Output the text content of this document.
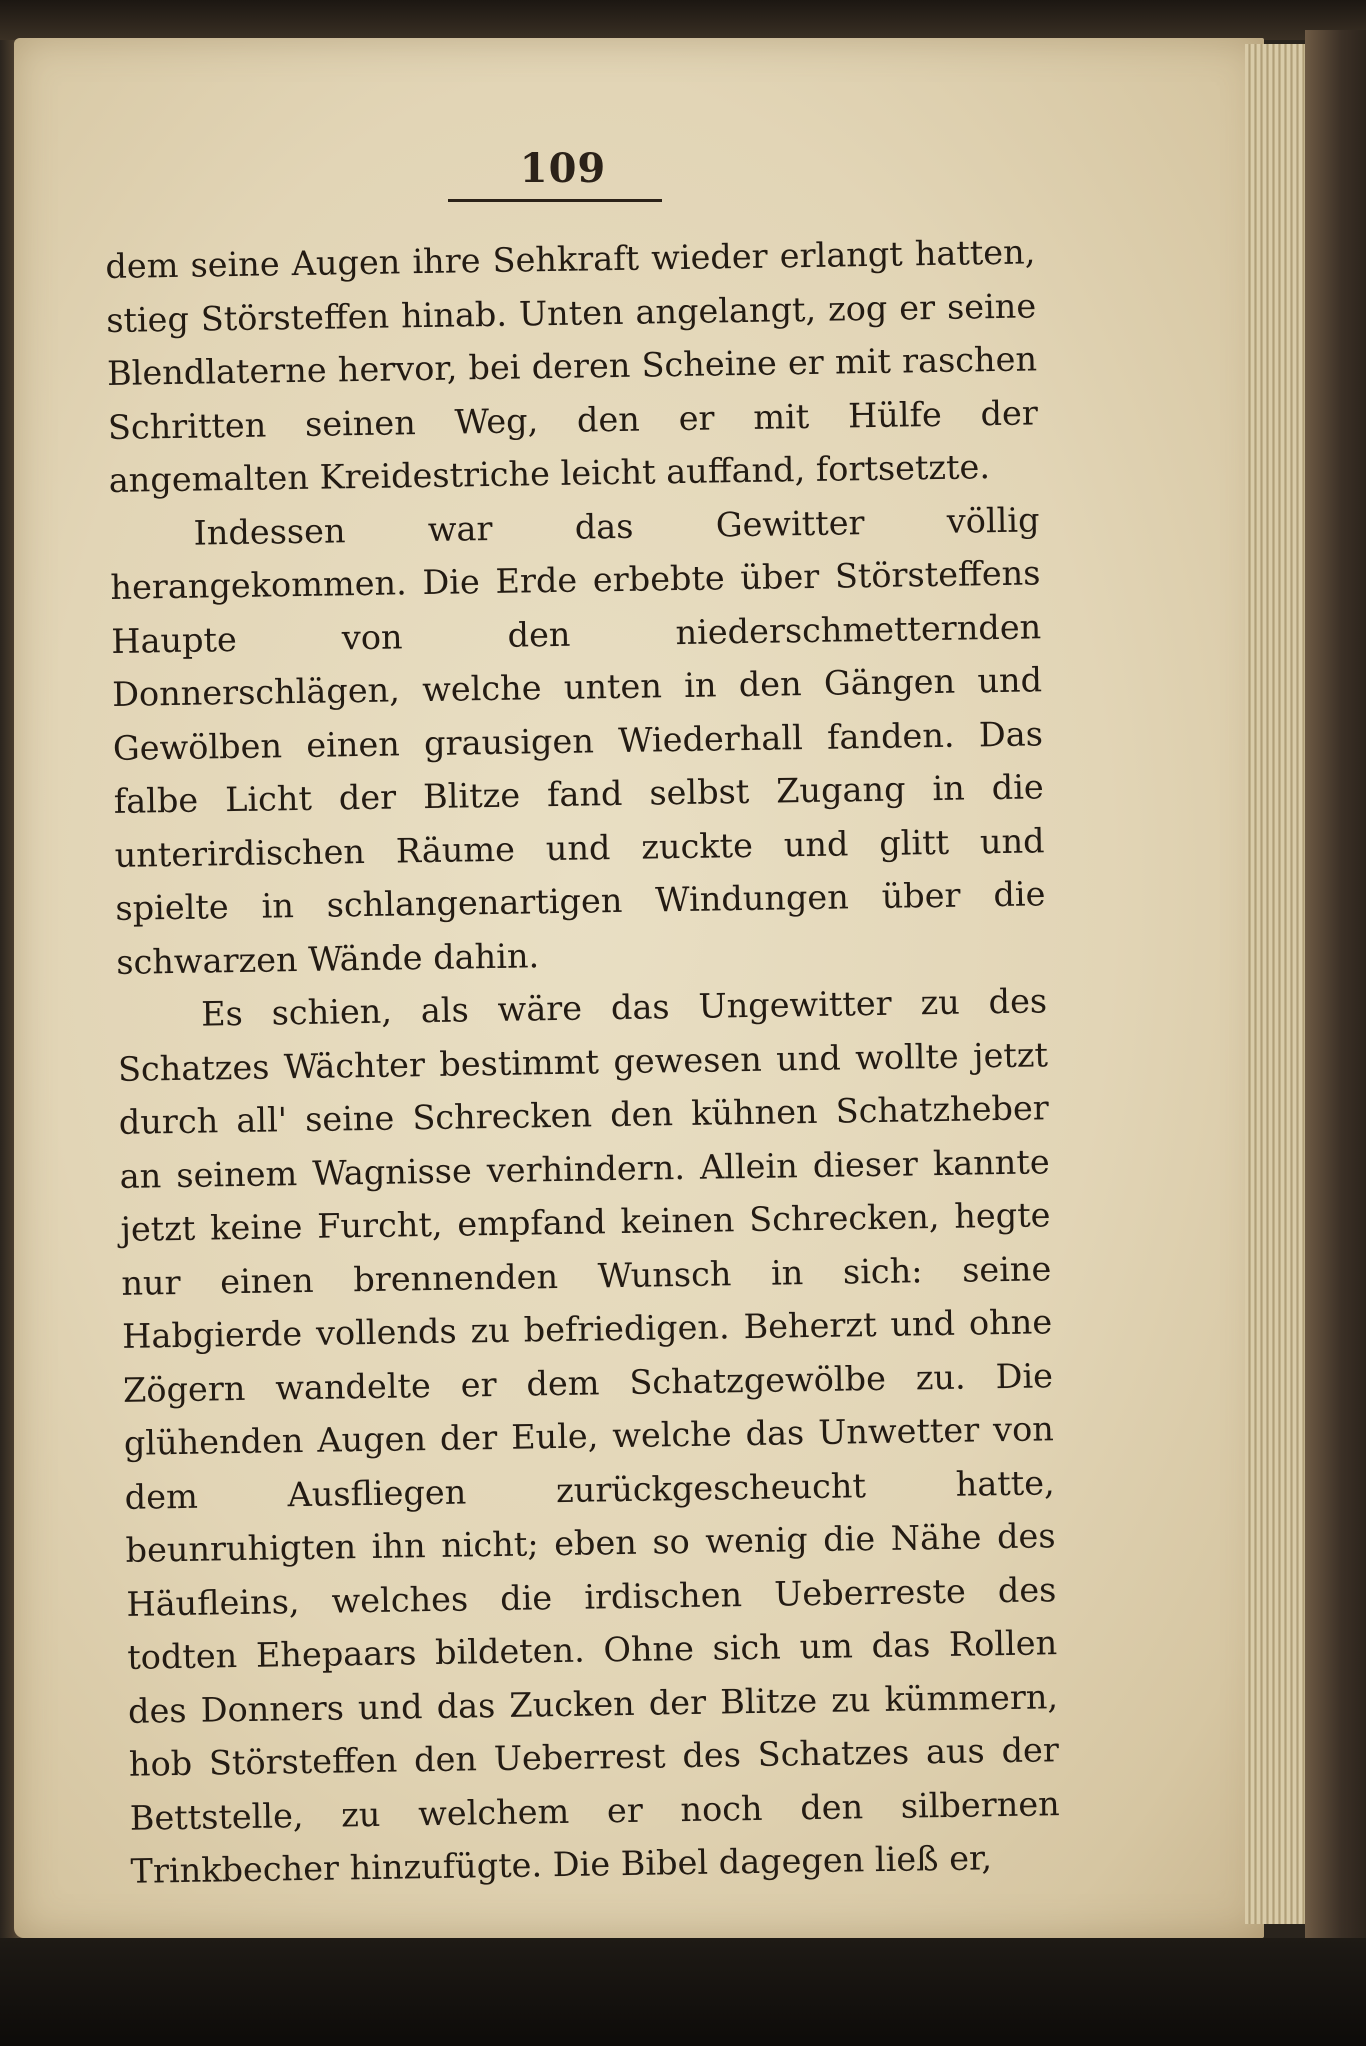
109

dem seine Augen ihre Sehkraft wieder erlangt hatten, stieg Störsteffen hinab. Unten angelangt, zog er seine Blendlaterne hervor, bei deren Scheine er mit raschen Schritten seinen Weg, den er mit Hülfe der angemalten Kreidestriche leicht auffand, fortsetzte.

Indessen war das Gewitter völlig herangekommen. Die Erde erbebte über Störsteffens Haupte von den niederschmetternden Donnerschlägen, welche unten in den Gängen und Gewölben einen grausigen Wiederhall fanden. Das falbe Licht der Blitze fand selbst Zugang in die unterirdischen Räume und zuckte und glitt und spielte in schlangenartigen Windungen über die schwarzen Wände dahin.

Es schien, als wäre das Ungewitter zu des Schatzes Wächter bestimmt gewesen und wollte jetzt durch all' seine Schrecken den kühnen Schatzheber an seinem Wagnisse verhindern. Allein dieser kannte jetzt keine Furcht, empfand keinen Schrecken, hegte nur einen brennenden Wunsch in sich: seine Habgierde vollends zu befriedigen. Beherzt und ohne Zögern wandelte er dem Schatzgewölbe zu. Die glühenden Augen der Eule, welche das Unwetter von dem Ausfliegen zurückgescheucht hatte, beunruhigten ihn nicht; eben so wenig die Nähe des Häufleins, welches die irdischen Ueberreste des todten Ehepaars bildeten. Ohne sich um das Rollen des Donners und das Zucken der Blitze zu kümmern, hob Störsteffen den Ueberrest des Schatzes aus der Bettstelle, zu welchem er noch den silbernen Trinkbecher hinzufügte. Die Bibel dagegen ließ er,
